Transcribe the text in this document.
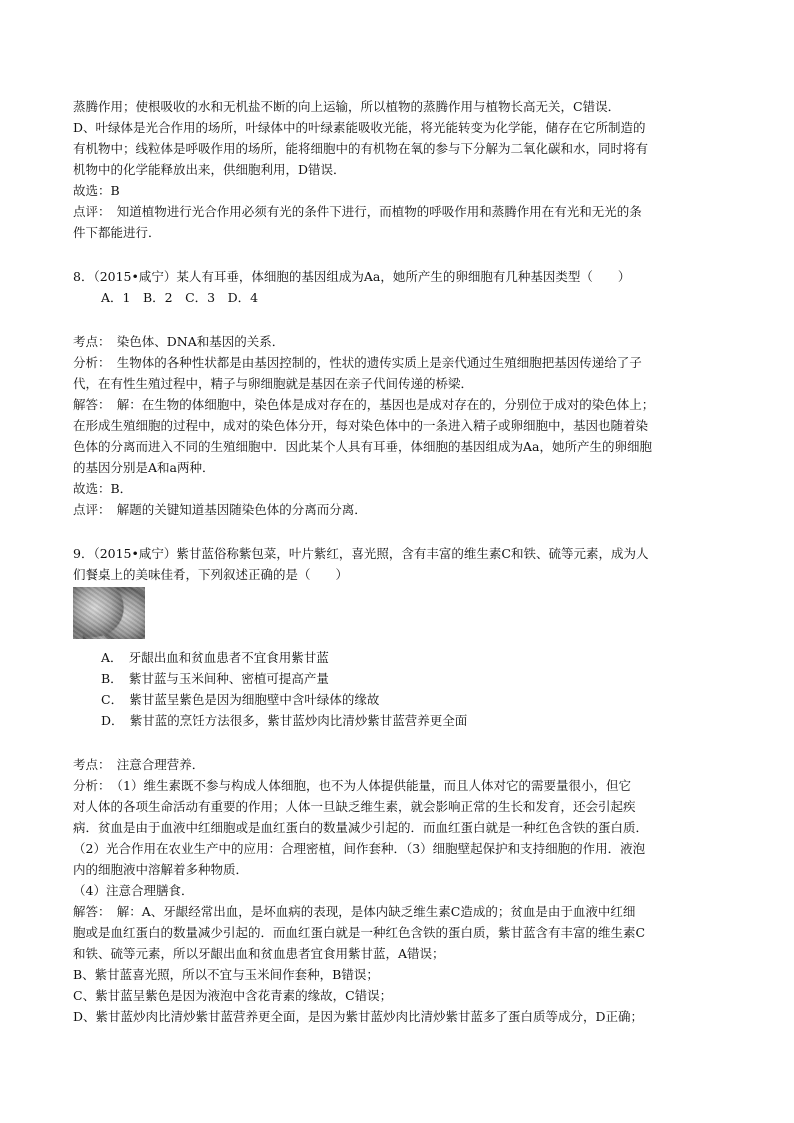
蒸腾作用；使根吸收的水和无机盐不断的向上运输，所以植物的蒸腾作用与植物长高无关，C错误．
D、叶绿体是光合作用的场所，叶绿体中的叶绿素能吸收光能，将光能转变为化学能，储存在它所制造的
有机物中；线粒体是呼吸作用的场所，能将细胞中的有机物在氧的参与下分解为二氧化碳和水，同时将有
机物中的化学能释放出来，供细胞利用，D错误．
故选：B
点评：　知道植物进行光合作用必须有光的条件下进行，而植物的呼吸作用和蒸腾作用在有光和无光的条
件下都能进行．
8．（2015•咸宁）某人有耳垂，体细胞的基因组成为Aa，她所产生的卵细胞有几种基因类型（　　）
A．1　B．2　C．3　D．4
考点：　染色体、DNA和基因的关系．
分析：　生物体的各种性状都是由基因控制的，性状的遗传实质上是亲代通过生殖细胞把基因传递给了子
代，在有性生殖过程中，精子与卵细胞就是基因在亲子代间传递的桥梁．
解答：　解：在生物的体细胞中，染色体是成对存在的，基因也是成对存在的，分别位于成对的染色体上；
在形成生殖细胞的过程中，成对的染色体分开，每对染色体中的一条进入精子或卵细胞中，基因也随着染
色体的分离而进入不同的生殖细胞中．因此某个人具有耳垂，体细胞的基因组成为Aa，她所产生的卵细胞
的基因分别是A和a两种．
故选：B．
点评：　解题的关键知道基因随染色体的分离而分离．
9．（2015•咸宁）紫甘蓝俗称紫包菜，叶片紫红，喜光照，含有丰富的维生素C和铁、硫等元素，成为人
们餐桌上的美味佳肴，下列叙述正确的是（　　）
A．　牙龈出血和贫血患者不宜食用紫甘蓝
B．　紫甘蓝与玉米间种、密植可提高产量
C．　紫甘蓝呈紫色是因为细胞壁中含叶绿体的缘故
D．　紫甘蓝的烹饪方法很多，紫甘蓝炒肉比清炒紫甘蓝营养更全面
考点：　注意合理营养．
分析：　（1）维生素既不参与构成人体细胞，也不为人体提供能量，而且人体对它的需要量很小，但它
对人体的各项生命活动有重要的作用；人体一旦缺乏维生素，就会影响正常的生长和发育，还会引起疾
病．贫血是由于血液中红细胞或是血红蛋白的数量减少引起的．而血红蛋白就是一种红色含铁的蛋白质．
（2）光合作用在农业生产中的应用：合理密植，间作套种．（3）细胞壁起保护和支持细胞的作用．液泡
内的细胞液中溶解着多种物质．
（4）注意合理膳食．
解答：　解：A、牙龈经常出血，是坏血病的表现，是体内缺乏维生素C造成的；贫血是由于血液中红细
胞或是血红蛋白的数量减少引起的．而血红蛋白就是一种红色含铁的蛋白质，紫甘蓝含有丰富的维生素C
和铁、硫等元素，所以牙龈出血和贫血患者宜食用紫甘蓝，A错误；
B、紫甘蓝喜光照，所以不宜与玉米间作套种，B错误；
C、紫甘蓝呈紫色是因为液泡中含花青素的缘故，C错误；
D、紫甘蓝炒肉比清炒紫甘蓝营养更全面，是因为紫甘蓝炒肉比清炒紫甘蓝多了蛋白质等成分，D正确；
